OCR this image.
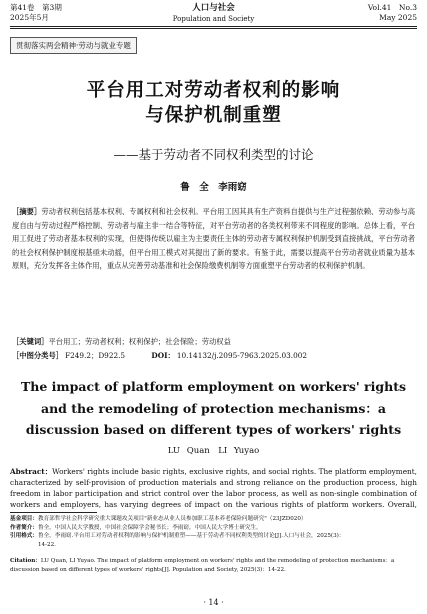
第41卷　第3期
2025年5月
人口与社会
Population and Society
Vol.41　No.3
May 2025
贯彻落实两会精神·劳动与就业专题
平台用工对劳动者权利的影响
与保护机制重塑
——基于劳动者不同权利类型的讨论
鲁　全　李雨窈
［摘要］劳动者权利包括基本权利、专属权利和社会权利。平台用工因其具有生产资料自提供与生产过程强依赖、劳动参与高度自由与劳动过程严格控制、劳动者与雇主非一结合等特征，对平台劳动者的各类权利带来不同程度的影响。总体上看，平台用工促进了劳动者基本权利的实现，但使得传统以雇主为主要责任主体的劳动者专属权利保护机制受到直接挑战，平台劳动者的社会权利保护制度根基亟未动摇，但平台用工模式对其提出了新的要求。有鉴于此，需要以提高平台劳动者就业质量为基本原则，充分发挥各主体作用，重点从完善劳动基准和社会保险缴费机制等方面重塑平台劳动者的权利保护机制。
［关键词］平台用工；劳动者权利；权利保护；社会保险；劳动权益
［中图分类号］ F249.2；D922.5	DOI： 10.14132/j.2095-7963.2025.03.002
The impact of platform employment on workers' rights and the remodeling of protection mechanisms：a discussion based on different types of workers' rights
LU Quan　LI Yuyao
Abstract：Workers' rights include basic rights, exclusive rights, and social rights. The platform employment, characterized by self-provision of production materials and strong reliance on the production process, high freedom in labor participation and strict control over the labor process, as well as non-single combination of workers and employers, has varying degrees of impact on the various rights of platform workers. Overall,
基金项目：教育部哲学社会科学研究重大课题攻关项目"新业态从业人员参加职工基本养老保险问题研究"（23JZD020）
作者简介：鲁全，中国人民大学教授，中国社会保障学会秘书长；李雨窈，中国人民大学博士研究生。
引用格式：鲁全，李雨窈.平台用工对劳动者权利的影响与保护机制重塑——基于劳动者不同权利类型的讨论[J].人口与社会，2025(3)：
14-22.
Citation：LU Quan, LI Yuyao. The impact of platform employment on workers' rights and the remodeling of protection mechanisms：a discussion based on different types of workers' rights[J]. Population and Society, 2025(3)：14-22.
· 14 ·
